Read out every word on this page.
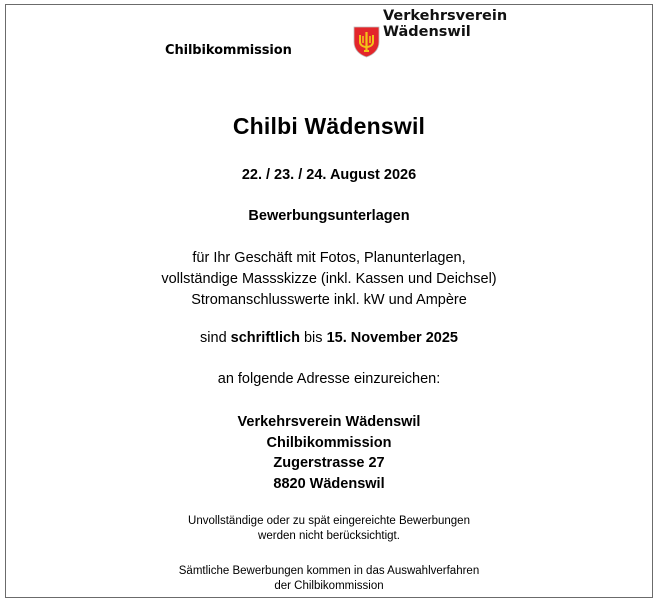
Chilbikommission
Verkehrsverein
Wädenswil
Chilbi Wädenswil
22. / 23. / 24. August 2026
Bewerbungsunterlagen
für Ihr Geschäft mit Fotos, Planunterlagen,
vollständige Massskizze (inkl. Kassen und Deichsel)
Stromanschlusswerte inkl. kW und Ampère
sind schriftlich bis 15. November 2025
an folgende Adresse einzureichen:
Verkehrsverein Wädenswil
Chilbikommission
Zugerstrasse 27
8820 Wädenswil
Unvollständige oder zu spät eingereichte Bewerbungen
werden nicht berücksichtigt.
Sämtliche Bewerbungen kommen in das Auswahlverfahren
der Chilbikommission
